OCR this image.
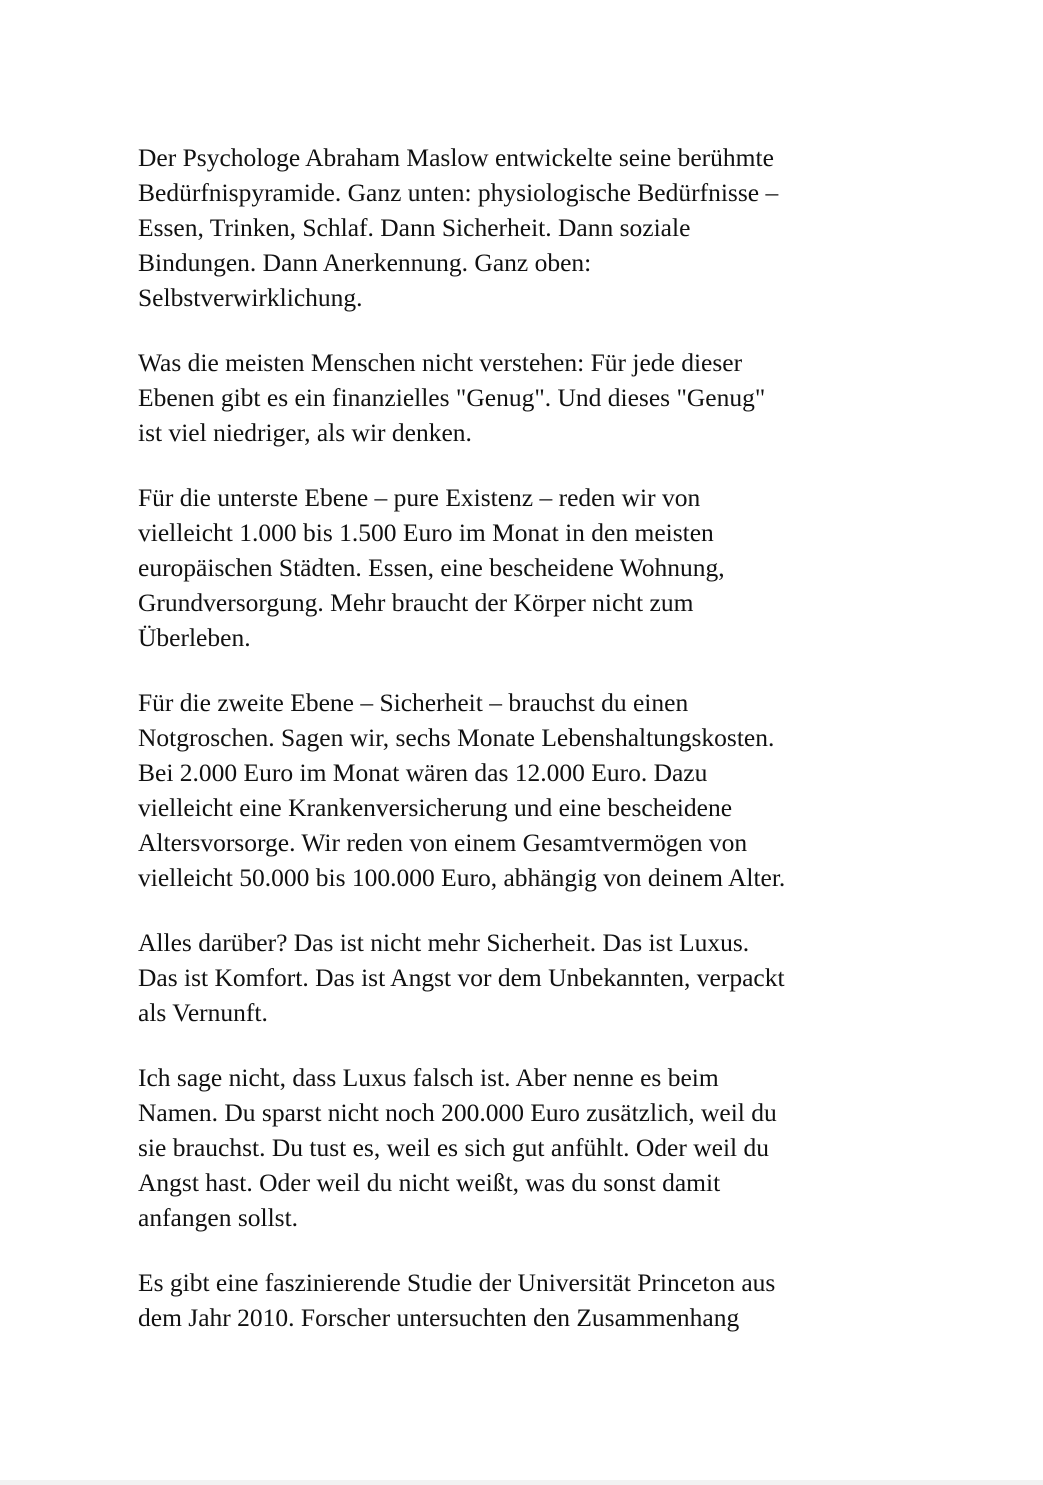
Der Psychologe Abraham Maslow entwickelte seine berühmte
Bedürfnispyramide. Ganz unten: physiologische Bedürfnisse –
Essen, Trinken, Schlaf. Dann Sicherheit. Dann soziale
Bindungen. Dann Anerkennung. Ganz oben:
Selbstverwirklichung.

Was die meisten Menschen nicht verstehen: Für jede dieser
Ebenen gibt es ein finanzielles "Genug". Und dieses "Genug"
ist viel niedriger, als wir denken.

Für die unterste Ebene – pure Existenz – reden wir von
vielleicht 1.000 bis 1.500 Euro im Monat in den meisten
europäischen Städten. Essen, eine bescheidene Wohnung,
Grundversorgung. Mehr braucht der Körper nicht zum
Überleben.

Für die zweite Ebene – Sicherheit – brauchst du einen
Notgroschen. Sagen wir, sechs Monate Lebenshaltungskosten.
Bei 2.000 Euro im Monat wären das 12.000 Euro. Dazu
vielleicht eine Krankenversicherung und eine bescheidene
Altersvorsorge. Wir reden von einem Gesamtvermögen von
vielleicht 50.000 bis 100.000 Euro, abhängig von deinem Alter.

Alles darüber? Das ist nicht mehr Sicherheit. Das ist Luxus.
Das ist Komfort. Das ist Angst vor dem Unbekannten, verpackt
als Vernunft.

Ich sage nicht, dass Luxus falsch ist. Aber nenne es beim
Namen. Du sparst nicht noch 200.000 Euro zusätzlich, weil du
sie brauchst. Du tust es, weil es sich gut anfühlt. Oder weil du
Angst hast. Oder weil du nicht weißt, was du sonst damit
anfangen sollst.

Es gibt eine faszinierende Studie der Universität Princeton aus
dem Jahr 2010. Forscher untersuchten den Zusammenhang
